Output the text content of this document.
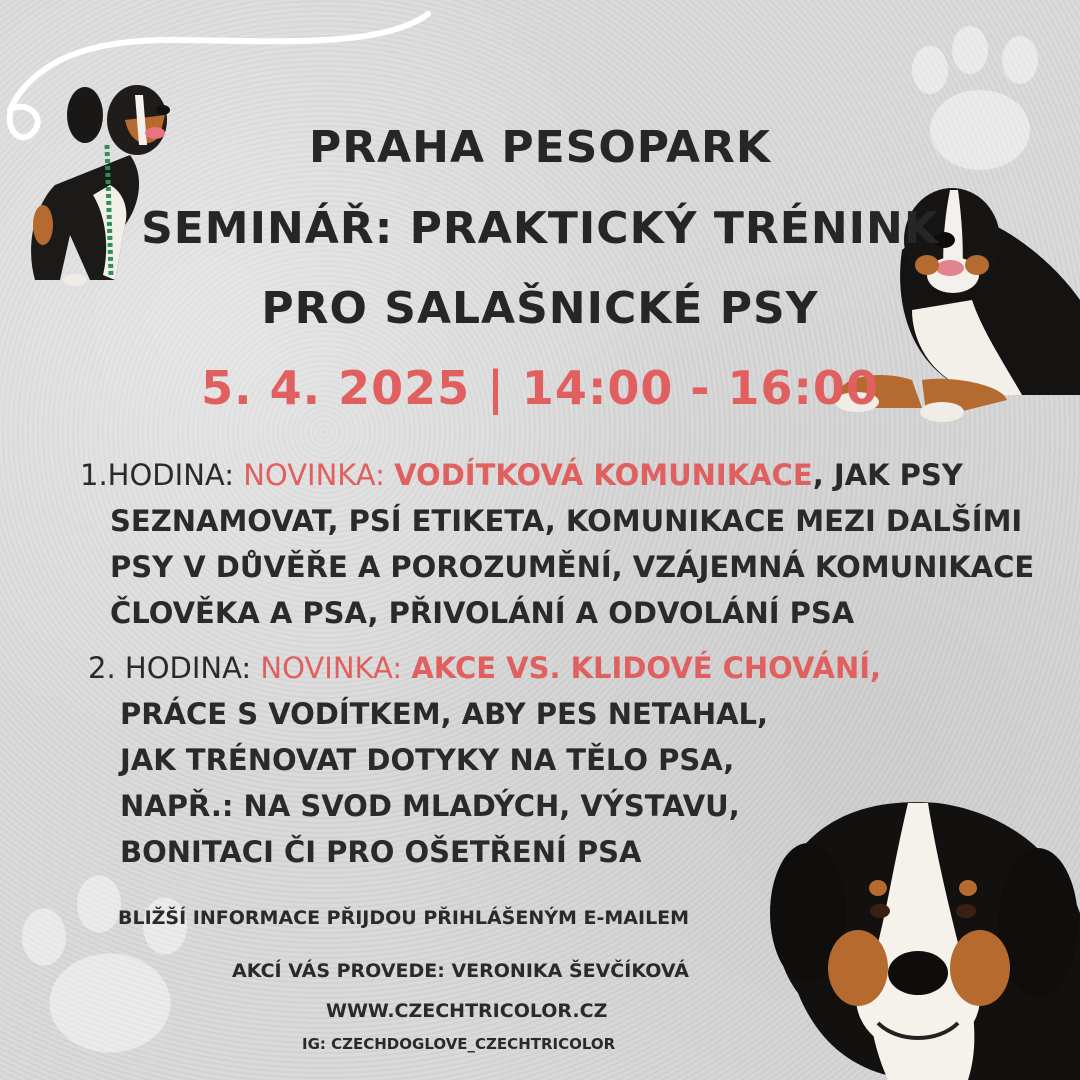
PRAHA PESOPARK
SEMINÁŘ: PRAKTICKÝ TRÉNINK
PRO SALAŠNICKÉ PSY
5. 4. 2025 | 14:00 - 16:00
1.HODINA: NOVINKA: VODÍTKOVÁ KOMUNIKACE, JAK PSY
SEZNAMOVAT, PSÍ ETIKETA, KOMUNIKACE MEZI DALŠÍMI
PSY V DŮVĚŘE A POROZUMĚNÍ, VZÁJEMNÁ KOMUNIKACE
ČLOVĚKA A PSA, PŘIVOLÁNÍ A ODVOLÁNÍ PSA
2. HODINA: NOVINKA: AKCE VS. KLIDOVÉ CHOVÁNÍ,
PRÁCE S VODÍTKEM, ABY PES NETAHAL,
JAK TRÉNOVAT DOTYKY NA TĚLO PSA,
NAPŘ.: NA SVOD MLADÝCH, VÝSTAVU,
BONITACI ČI PRO OŠETŘENÍ PSA
BLIŽŠÍ INFORMACE PŘIJDOU PŘIHLÁŠENÝM E-MAILEM
AKCÍ VÁS PROVEDE: VERONIKA ŠEVČÍKOVÁ
WWW.CZECHTRICOLOR.CZ
IG: CZECHDOGLOVE_CZECHTRICOLOR
